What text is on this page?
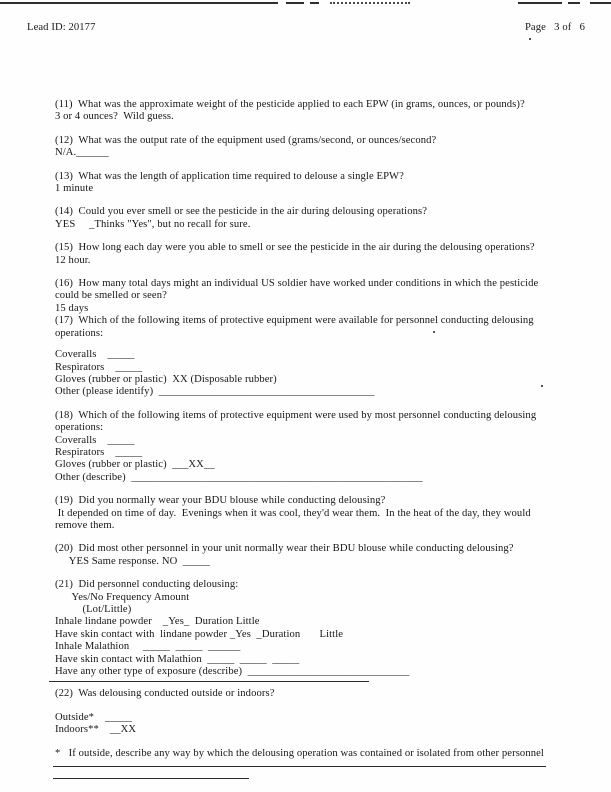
Lead ID: 20177	Page   3 of   6
(11)  What was the approximate weight of the pesticide applied to each EPW (in grams, ounces, or pounds)?
3 or 4 ounces?  Wild guess.
(12)  What was the output rate of the equipment used (grams/second, or ounces/second?
N/A.______
(13)  What was the length of application time required to delouse a single EPW?
1 minute
(14)  Could you ever smell or see the pesticide in the air during delousing operations?
YES     _Thinks "Yes", but no recall for sure.
(15)  How long each day were you able to smell or see the pesticide in the air during the delousing operations?
12 hour.
(16)  How many total days might an individual US soldier have worked under conditions in which the pesticide
could be smelled or seen?
15 days
(17)  Which of the following items of protective equipment were available for personnel conducting delousing
operations:
Coveralls    _____
Respirators    _____
Gloves (rubber or plastic)  XX (Disposable rubber)
Other (please identify)  ________________________________________
(18)  Which of the following items of protective equipment were used by most personnel conducting delousing
operations:
Coveralls    _____
Respirators    _____
Gloves (rubber or plastic)  ___XX__
Other (describe)  ______________________________________________________
(19)  Did you normally wear your BDU blouse while conducting delousing?
It depended on time of day.  Evenings when it was cool, they'd wear them.  In the heat of the day, they would
remove them.
(20)  Did most other personnel in your unit normally wear their BDU blouse while conducting delousing?
YES Same response. NO  _____
(21)  Did personnel conducting delousing:
Yes/No Frequency Amount
(Lot/Little)
Inhale lindane powder    _Yes_  Duration Little
Have skin contact with  lindane powder _Yes  _Duration       Little
Inhale Malathion     _____  _____  ______
Have skin contact with Malathion  _____  _____  _____
Have any other type of exposure (describe)  ______________________________
(22)  Was delousing conducted outside or indoors?
Outside*    _____
Indoors**    __XX
*   If outside, describe any way by which the delousing operation was contained or isolated from other personnel
